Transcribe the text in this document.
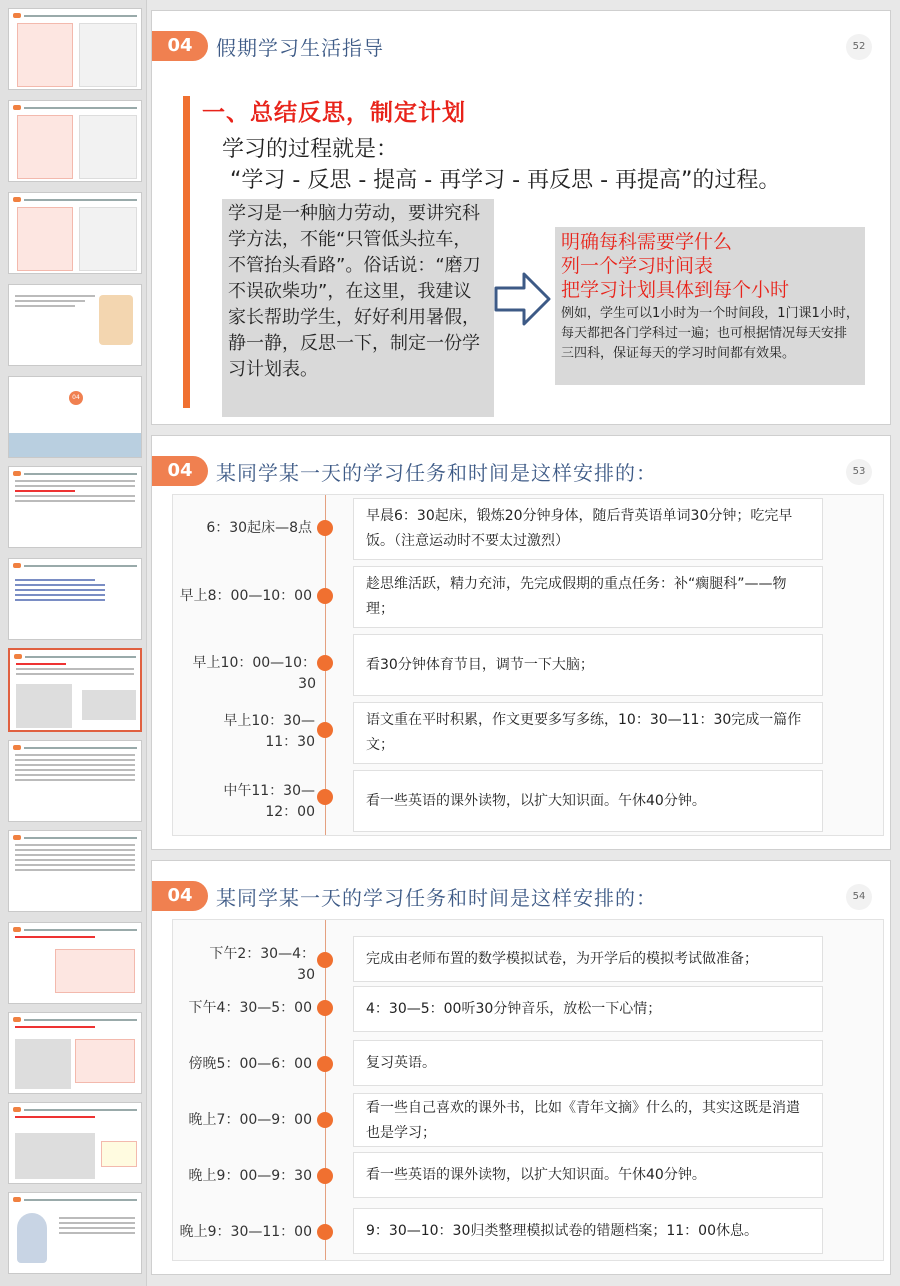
04
暑期奋进，收获未来
04	假期学习生活指导	52
一、总结反思，制定计划
学习的过程就是：
“学习 - 反思 - 提高 - 再学习 - 再反思 - 再提高”的过程。
学习是一种脑力劳动，要讲究科学方法，不能“只管低头拉车，不管抬头看路”。俗话说：“磨刀不误砍柴功”，在这里，我建议家长帮助学生，好好利用暑假，静一静，反思一下，制定一份学习计划表。
明确每科需要学什么
列一个学习时间表
把学习计划具体到每个小时
例如，学生可以1小时为一个时间段，1门课1小时，每天都把各门学科过一遍；也可根据情况每天安排三四科，保证每天的学习时间都有效果。
04	某同学某一天的学习任务和时间是这样安排的：	53
6：30起床—8点
早晨6：30起床，锻炼20分钟身体，随后背英语单词30分钟；吃完早饭。（注意运动时不要太过激烈）
早上8：00—10：00
趁思维活跃，精力充沛，先完成假期的重点任务：补“瘸腿科”——物理；
早上10：00—10：30
看30分钟体育节目，调节一下大脑；
早上10：30—11：30
语文重在平时积累，作文更要多写多练，10：30—11：30完成一篇作文；
中午11：30—12：00
看一些英语的课外读物，以扩大知识面。午休40分钟。
04	某同学某一天的学习任务和时间是这样安排的：	54
下午2：30—4：30
完成由老师布置的数学模拟试卷，为开学后的模拟考试做准备；
下午4：30—5：00	4：30—5：00听30分钟音乐，放松一下心情；
傍晚5：00—6：00	复习英语。
晚上7：00—9：00
看一些自己喜欢的课外书，比如《青年文摘》什么的，其实这既是消遣也是学习；
晚上9：00—9：30	看一些英语的课外读物，以扩大知识面。午休40分钟。
晚上9：30—11：00	9：30—10：30归类整理模拟试卷的错题档案；11：00休息。
